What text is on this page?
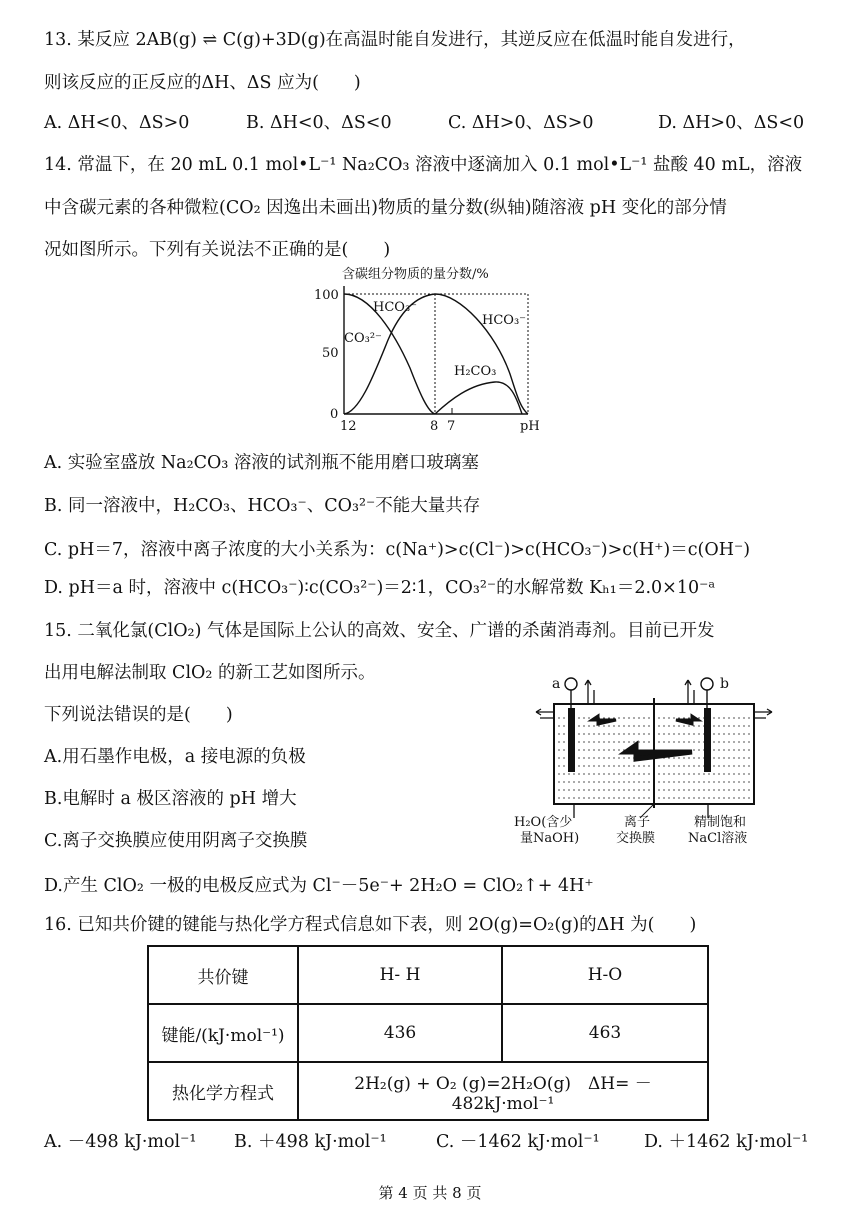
13. 某反应 2AB(g) ⇌ C(g)+3D(g)在高温时能自发进行，其逆反应在低温时能自发进行，
则该反应的正反应的ΔH、ΔS 应为(　　)
A. ΔH<0、ΔS>0	B. ΔH<0、ΔS<0	C. ΔH>0、ΔS>0	D. ΔH>0、ΔS<0
14. 常温下，在 20 mL 0.1 mol•L⁻¹ Na₂CO₃ 溶液中逐滴加入 0.1 mol•L⁻¹ 盐酸 40 mL，溶液
中含碳元素的各种微粒(CO₂ 因逸出未画出)物质的量分数(纵轴)随溶液 pH 变化的部分情
况如图所示。下列有关说法不正确的是(　　)
含碳组分物质的量分数/%
100
50
0
HCO₃⁻
CO₃²⁻
HCO₃⁻
H₂CO₃
12	8 7	pH
A. 实验室盛放 Na₂CO₃ 溶液的试剂瓶不能用磨口玻璃塞
B. 同一溶液中，H₂CO₃、HCO₃⁻、CO₃²⁻不能大量共存
C. pH＝7，溶液中离子浓度的大小关系为：c(Na⁺)>c(Cl⁻)>c(HCO₃⁻)>c(H⁺)＝c(OH⁻)
D. pH＝a 时，溶液中 c(HCO₃⁻)∶c(CO₃²⁻)＝2∶1，CO₃²⁻的水解常数 Kₕ₁＝2.0×10⁻ᵃ
15. 二氧化氯(ClO₂) 气体是国际上公认的高效、安全、广谱的杀菌消毒剂。目前已开发
出用电解法制取 ClO₂ 的新工艺如图所示。
下列说法错误的是(　　)
A.用石墨作电极，a 接电源的负极
B.电解时 a 极区溶液的 pH 增大
C.离子交换膜应使用阴离子交换膜
D.产生 ClO₂ 一极的电极反应式为 Cl⁻－5e⁻+ 2H₂O = ClO₂↑+ 4H⁺
a	b
H₂O(含少
量NaOH)
离子
交换膜
精制饱和
NaCl溶液
16. 已知共价键的键能与热化学方程式信息如下表，则 2O(g)=O₂(g)的ΔH 为(　　)
共价键	H- H	H-O
键能/(kJ·mol⁻¹)	436	463
热化学方程式	2H₂(g) + O₂ (g)=2H₂O(g)　ΔH= －482kJ·mol⁻¹	
A. －498 kJ·mol⁻¹ B. ＋498 kJ·mol⁻¹	C. －1462 kJ·mol⁻¹	D. ＋1462 kJ·mol⁻¹
第 4 页 共 8 页
